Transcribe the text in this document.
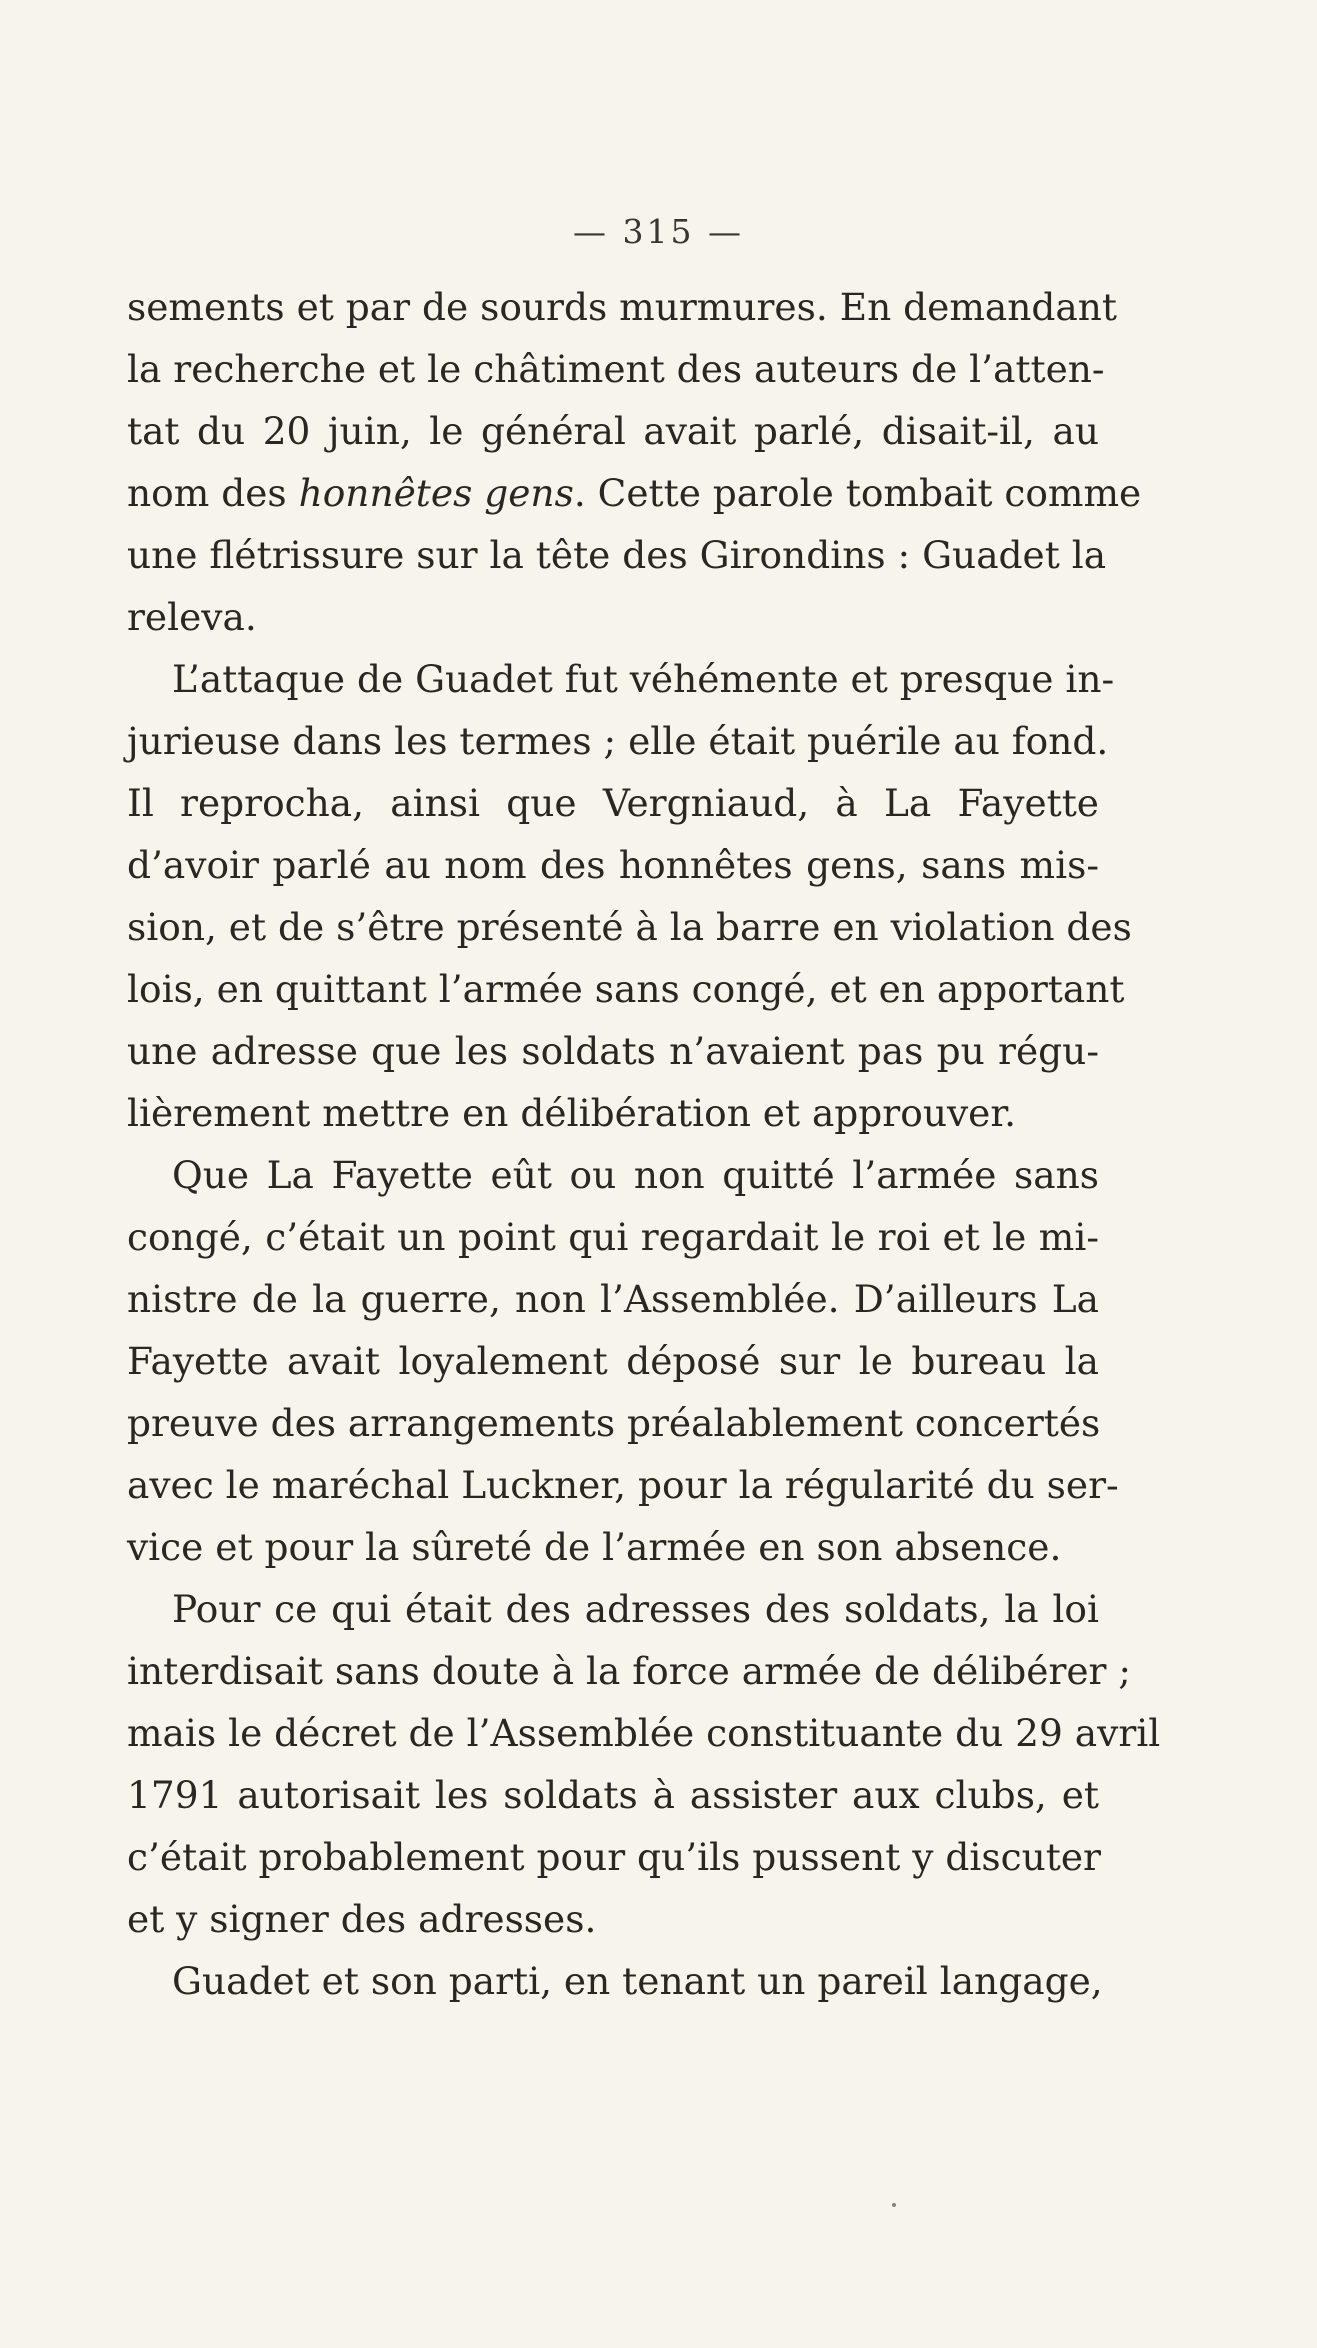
— 315 —
sements et par de sourds murmures. En demandant
la recherche et le châtiment des auteurs de l’atten-
tat du 20 juin, le général avait parlé, disait-il, au
nom des honnêtes gens. Cette parole tombait comme
une flétrissure sur la tête des Girondins : Guadet la
releva.
L’attaque de Guadet fut véhémente et presque in-
jurieuse dans les termes ; elle était puérile au fond.
Il reprocha, ainsi que Vergniaud, à La Fayette
d’avoir parlé au nom des honnêtes gens, sans mis-
sion, et de s’être présenté à la barre en violation des
lois, en quittant l’armée sans congé, et en apportant
une adresse que les soldats n’avaient pas pu régu-
lièrement mettre en délibération et approuver.
Que La Fayette eût ou non quitté l’armée sans
congé, c’était un point qui regardait le roi et le mi-
nistre de la guerre, non l’Assemblée. D’ailleurs La
Fayette avait loyalement déposé sur le bureau la
preuve des arrangements préalablement concertés
avec le maréchal Luckner, pour la régularité du ser-
vice et pour la sûreté de l’armée en son absence.
Pour ce qui était des adresses des soldats, la loi
interdisait sans doute à la force armée de délibérer ;
mais le décret de l’Assemblée constituante du 29 avril
1791 autorisait les soldats à assister aux clubs, et
c’était probablement pour qu’ils pussent y discuter
et y signer des adresses.
Guadet et son parti, en tenant un pareil langage,
